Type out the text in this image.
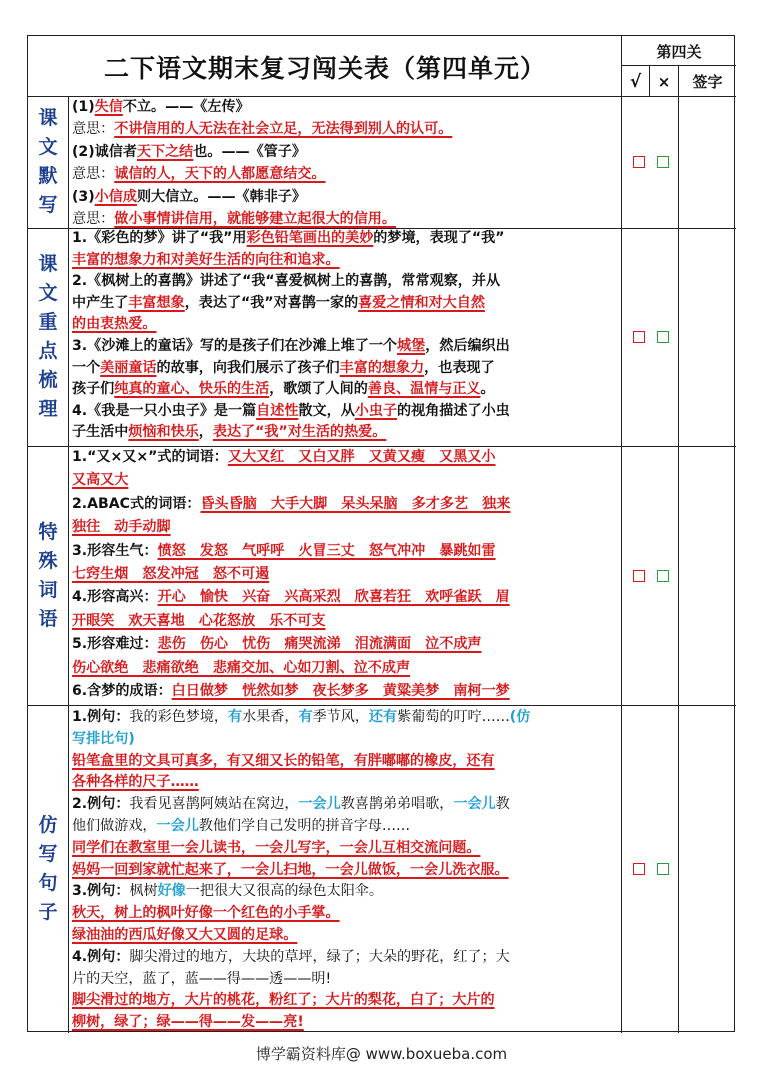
二下语文期末复习闯关表（第四单元）
第四关
√	×	签字
课
文
默
写
课
文
重
点
梳
理
特
殊
词
语
仿
写
句
子
(1)失信不立。——《左传》
意思：不讲信用的人无法在社会立足，无法得到别人的认可。
(2)诚信者天下之结也。——《管子》
意思：诚信的人，天下的人都愿意结交。
(3)小信成则大信立。——《韩非子》
意思：做小事情讲信用，就能够建立起很大的信用。
1.《彩色的梦》讲了“我”用彩色铅笔画出的美妙的梦境，表现了“我”
丰富的想象力和对美好生活的向往和追求。
2.《枫树上的喜鹊》讲述了“我“喜爱枫树上的喜鹊，常常观察，并从
中产生了丰富想象，表达了“我”对喜鹊一家的喜爱之情和对大自然
的由衷热爱。
3.《沙滩上的童话》写的是孩子们在沙滩上堆了一个城堡，然后编织出
一个美丽童话的故事，向我们展示了孩子们丰富的想象力，也表现了
孩子们纯真的童心、快乐的生活，歌颂了人间的善良、温情与正义。
4.《我是一只小虫子》是一篇自述性散文，从小虫子的视角描述了小虫
子生活中烦恼和快乐，表达了“我”对生活的热爱。
1.“又×又×”式的词语：又大又红　又白又胖　又黄又瘦　又黑又小
又高又大
2.ABAC式的词语：昏头昏脑　大手大脚　呆头呆脑　多才多艺　独来
独往　动手动脚
3.形容生气：愤怒　发怒　气呼呼　火冒三丈　怒气冲冲　暴跳如雷
七窍生烟　怒发冲冠　怒不可遏
4.形容高兴：开心　愉快　兴奋　兴高采烈　欣喜若狂　欢呼雀跃　眉
开眼笑　欢天喜地　心花怒放　乐不可支
5.形容难过：悲伤　伤心　忧伤　痛哭流涕　泪流满面　泣不成声
伤心欲绝　悲痛欲绝　悲痛交加、心如刀割、泣不成声
6.含梦的成语：白日做梦　恍然如梦　夜长梦多　黄粱美梦　南柯一梦
1.例句：我的彩色梦境，有水果香，有季节风，还有紫葡萄的叮咛……(仿
写排比句)
铅笔盒里的文具可真多，有又细又长的铅笔，有胖嘟嘟的橡皮，还有
各种各样的尺子……
2.例句：我看见喜鹊阿姨站在窝边，一会儿教喜鹊弟弟唱歌，一会儿教
他们做游戏，一会儿教他们学自己发明的拼音字母……
同学们在教室里一会儿读书，一会儿写字，一会儿互相交流问题。
妈妈一回到家就忙起来了，一会儿扫地，一会儿做饭，一会儿洗衣服。
3.例句：枫树好像一把很大又很高的绿色太阳伞。
秋天，树上的枫叶好像一个红色的小手掌。
绿油油的西瓜好像又大又圆的足球。
4.例句：脚尖滑过的地方，大块的草坪，绿了；大朵的野花，红了；大
片的天空，蓝了，蓝——得——透——明!
脚尖滑过的地方，大片的桃花，粉红了；大片的梨花，白了；大片的
柳树，绿了；绿——得——发——亮!
博学霸资料库@ www.boxueba.com
